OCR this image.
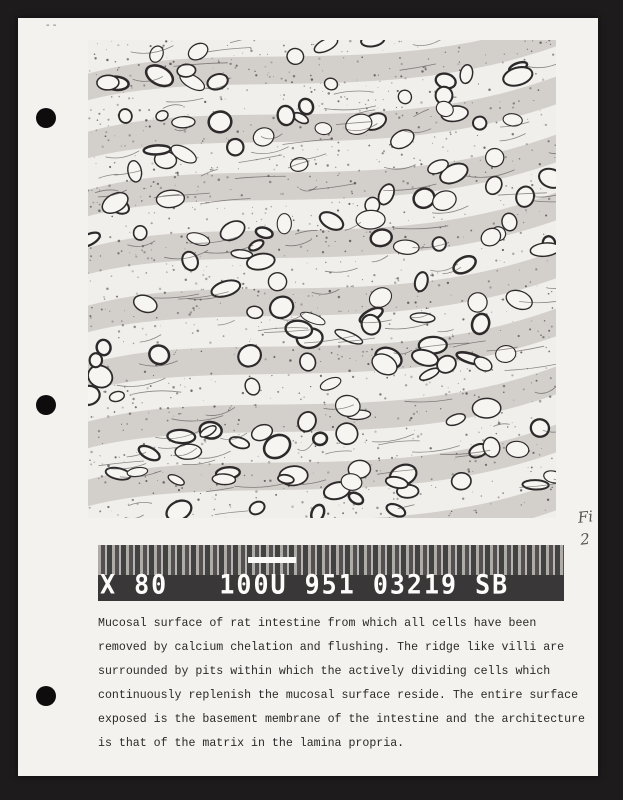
- -
X 80   100U 951 03219 SB

Mucosal surface of rat intestine from which all cells have been
removed by calcium chelation and flushing. The ridge like villi are
surrounded by pits within which the actively dividing cells which
continuously replenish the mucosal surface reside. The entire surface
exposed is the basement membrane of the intestine and the architecture
is that of the matrix in the lamina propria.

Fi
2
